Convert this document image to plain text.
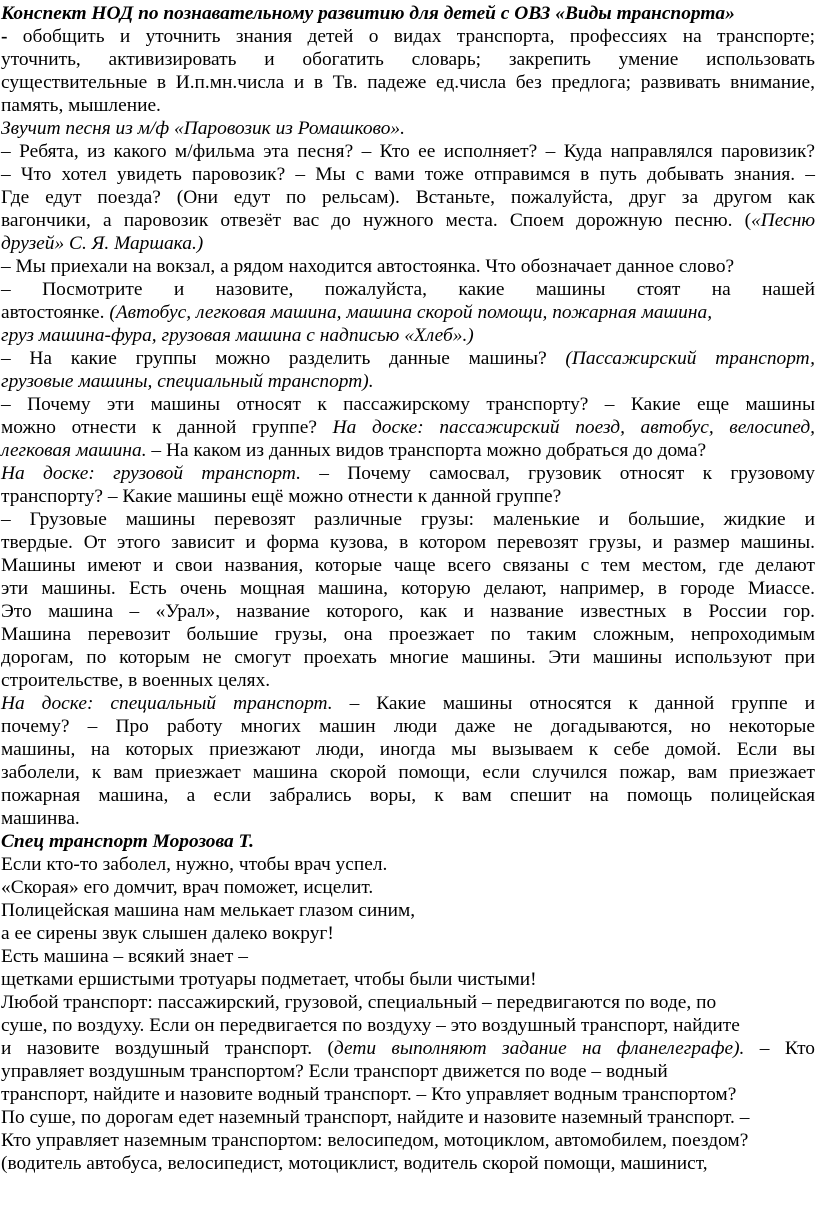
Конспект НОД по познавательному развитию для детей с ОВЗ «Виды транспорта»
- обобщить и уточнить знания детей о видах транспорта, профессиях на транспорте;
уточнить, активизировать и обогатить словарь; закрепить умение использовать
существительные в И.п.мн.числа и в Тв. падеже ед.числа без предлога; развивать внимание,
память, мышление.
Звучит песня из м/ф «Паровозик из Ромашково».
– Ребята, из какого м/фильма эта песня? – Кто ее исполняет? – Куда направлялся паровизик?
– Что хотел увидеть паровозик? – Мы с вами тоже отправимся в путь добывать знания. –
Где едут поезда? (Они едут по рельсам). Встаньте, пожалуйста, друг за другом как
вагончики, а паровозик отвезёт вас до нужного места. Споем дорожную песню. («Песню
друзей» С. Я. Маршака.)
– Мы приехали на вокзал, а рядом находится автостоянка. Что обозначает данное слово?
– Посмотрите и назовите, пожалуйста, какие машины стоят на нашей
автостоянке. (Автобус, легковая машина, машина скорой помощи, пожарная машина,
груз машина-фура, грузовая машина с надписью «Хлеб».)
– На какие группы можно разделить данные машины? (Пассажирский транспорт,
грузовые машины, специальный транспорт).
– Почему эти машины относят к пассажирскому транспорту? – Какие еще машины
можно отнести к данной группе? На доске: пассажирский поезд, автобус, велосипед,
легковая машина. – На каком из данных видов транспорта можно добраться до дома?
На доске: грузовой транспорт. – Почему самосвал, грузовик относят к грузовому
транспорту? – Какие машины ещё можно отнести к данной группе?
– Грузовые машины перевозят различные грузы: маленькие и большие, жидкие и
твердые. От этого зависит и форма кузова, в котором перевозят грузы, и размер машины.
Машины имеют и свои названия, которые чаще всего связаны с тем местом, где делают
эти машины. Есть очень мощная машина, которую делают, например, в городе Миассе.
Это машина – «Урал», название которого, как и название известных в России гор.
Машина перевозит большие грузы, она проезжает по таким сложным, непроходимым
дорогам, по которым не смогут проехать многие машины. Эти машины используют при
строительстве, в военных целях.
На доске: специальный транспорт. – Какие машины относятся к данной группе и
почему? – Про работу многих машин люди даже не догадываются, но некоторые
машины, на которых приезжают люди, иногда мы вызываем к себе домой. Если вы
заболели, к вам приезжает машина скорой помощи, если случился пожар, вам приезжает
пожарная машина, а если забрались воры, к вам спешит на помощь полицейская
машинва.
Спец транспорт Морозова Т.
Если кто-то заболел, нужно, чтобы врач успел.
«Скорая» его домчит, врач поможет, исцелит.
Полицейская машина нам мелькает глазом синим,
а ее сирены звук слышен далеко вокруг!
Есть машина – всякий знает –
щетками ершистыми тротуары подметает, чтобы были чистыми!
Любой транспорт: пассажирский, грузовой, специальный – передвигаются по воде, по
суше, по воздуху. Если он передвигается по воздуху – это воздушный транспорт, найдите
и назовите воздушный транспорт. (дети выполняют задание на фланелеграфе). – Кто
управляет воздушным транспортом? Если транспорт движется по воде – водный
транспорт, найдите и назовите водный транспорт. – Кто управляет водным транспортом?
По суше, по дорогам едет наземный транспорт, найдите и назовите наземный транспорт. –
Кто управляет наземным транспортом: велосипедом, мотоциклом, автомобилем, поездом?
(водитель автобуса, велосипедист, мотоциклист, водитель скорой помощи, машинист,
